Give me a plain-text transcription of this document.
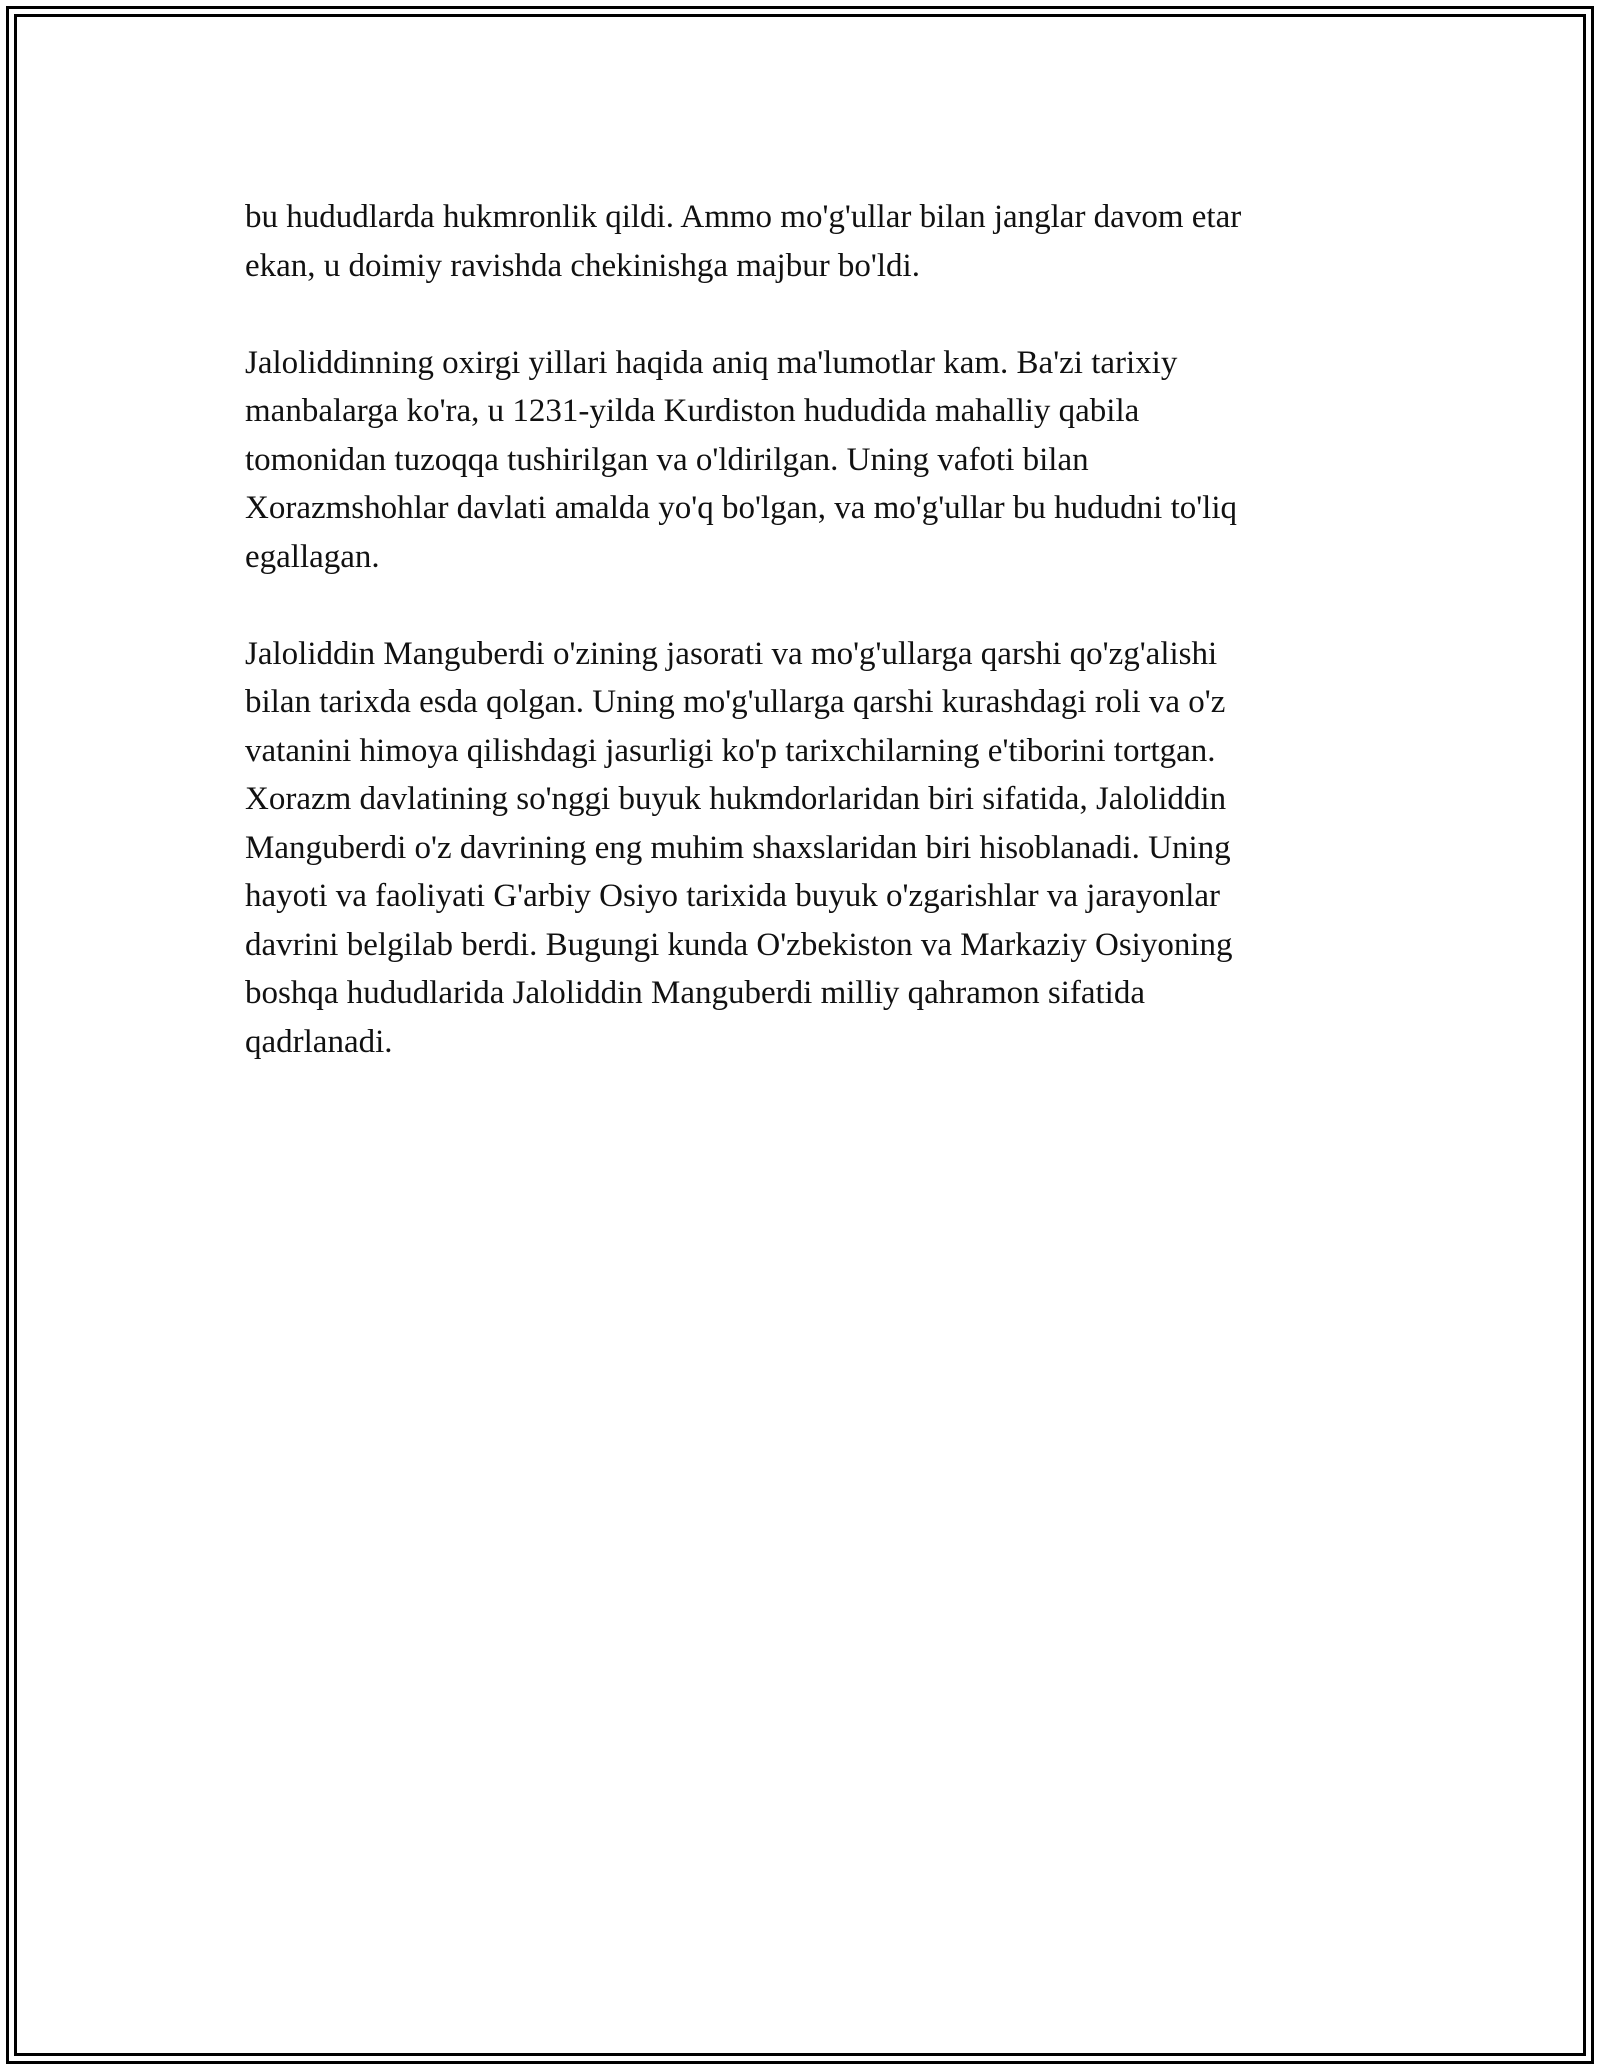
bu hududlarda hukmronlik qildi. Ammo mo'g'ullar bilan janglar davom etar
ekan, u doimiy ravishda chekinishga majbur bo'ldi.

Jaloliddinning oxirgi yillari haqida aniq ma'lumotlar kam. Ba'zi tarixiy
manbalarga ko'ra, u 1231-yilda Kurdiston hududida mahalliy qabila
tomonidan tuzoqqa tushirilgan va o'ldirilgan. Uning vafoti bilan
Xorazmshohlar davlati amalda yo'q bo'lgan, va mo'g'ullar bu hududni to'liq
egallagan.

Jaloliddin Manguberdi o'zining jasorati va mo'g'ullarga qarshi qo'zg'alishi
bilan tarixda esda qolgan. Uning mo'g'ullarga qarshi kurashdagi roli va o'z
vatanini himoya qilishdagi jasurligi ko'p tarixchilarning e'tiborini tortgan.
Xorazm davlatining so'nggi buyuk hukmdorlaridan biri sifatida, Jaloliddin
Manguberdi o'z davrining eng muhim shaxslaridan biri hisoblanadi. Uning
hayoti va faoliyati G'arbiy Osiyo tarixida buyuk o'zgarishlar va jarayonlar
davrini belgilab berdi. Bugungi kunda O'zbekiston va Markaziy Osiyoning
boshqa hududlarida Jaloliddin Manguberdi milliy qahramon sifatida
qadrlanadi.
